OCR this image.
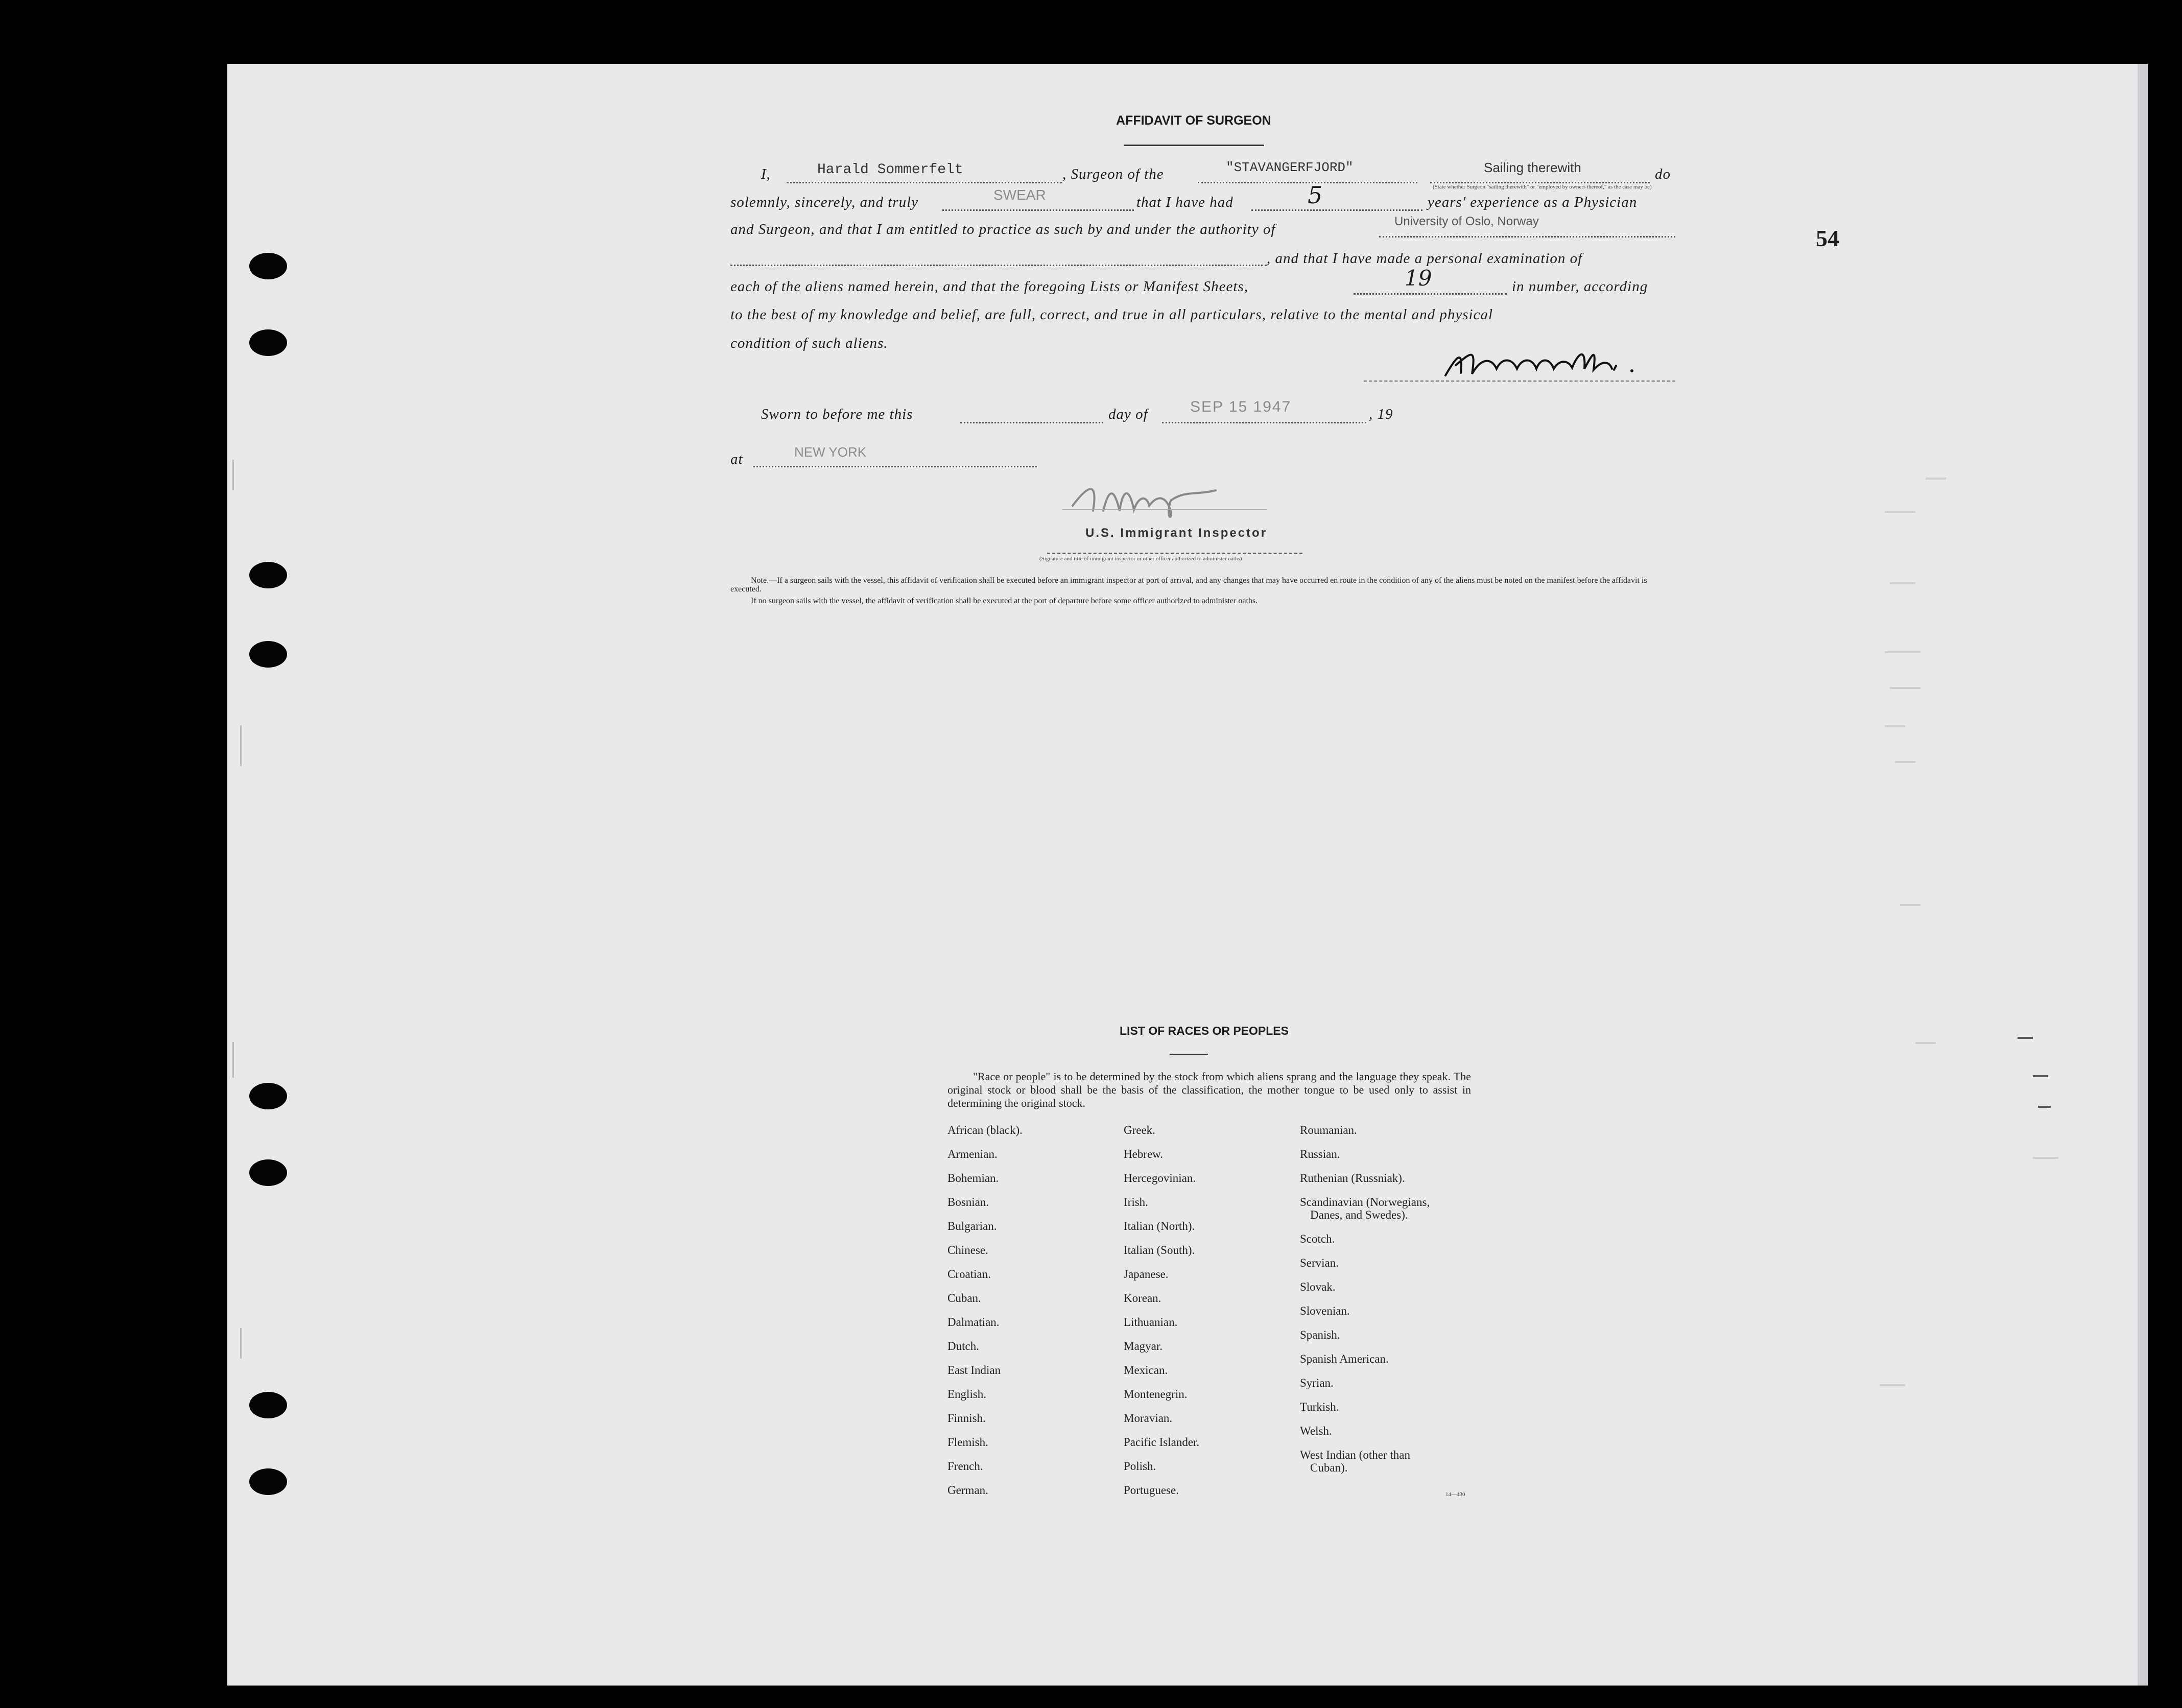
AFFIDAVIT OF SURGEON
I,	Harald Sommerfelt	, Surgeon of the	"STAVANGERFJORD"	Sailing therewith
(State whether Surgeon "sailing therewith" or "employed by owners thereof," as the case may be)
do
solemnly, sincerely, and truly	SWEAR	that I have had	5	years' experience as a Physician
and Surgeon, and that I am entitled to practice as such by and under the authority of	University of Oslo, Norway
, and that I have made a personal examination of
each of the aliens named herein, and that the foregoing Lists or Manifest Sheets,	19	in number, according
to the best of my knowledge and belief, are full, correct, and true in all particulars, relative to the mental and physical
condition of such aliens.
Sworn to before me this	day of	SEP 15 1947	, 19
at	NEW YORK
U.S. Immigrant Inspector
(Signature and title of immigrant inspector or other officer authorized to administer oaths)
Note.—If a surgeon sails with the vessel, this affidavit of verification shall be executed before an immigrant inspector at port of arrival, and any changes that may have occurred en route in the condition of any of the aliens must be noted on the manifest before the affidavit is executed.
If no surgeon sails with the vessel, the affidavit of verification shall be executed at the port of departure before some officer authorized to administer oaths.
54
LIST OF RACES OR PEOPLES
"Race or people" is to be determined by the stock from which aliens sprang and the language they speak. The original stock or blood shall be the basis of the classification, the mother tongue to be used only to assist in determining the original stock.
African (black).
Armenian.
Bohemian.
Bosnian.
Bulgarian.
Chinese.
Croatian.
Cuban.
Dalmatian.
Dutch.
East Indian
English.
Finnish.
Flemish.
French.
German.
Greek.
Hebrew.
Hercegovinian.
Irish.
Italian (North).
Italian (South).
Japanese.
Korean.
Lithuanian.
Magyar.
Mexican.
Montenegrin.
Moravian.
Pacific Islander.
Polish.
Portuguese.
Roumanian.
Russian.
Ruthenian (Russniak).
Scandinavian (Norwegians,
Danes, and Swedes).
Scotch.
Servian.
Slovak.
Slovenian.
Spanish.
Spanish American.
Syrian.
Turkish.
Welsh.
West Indian (other than
Cuban).
14—430
